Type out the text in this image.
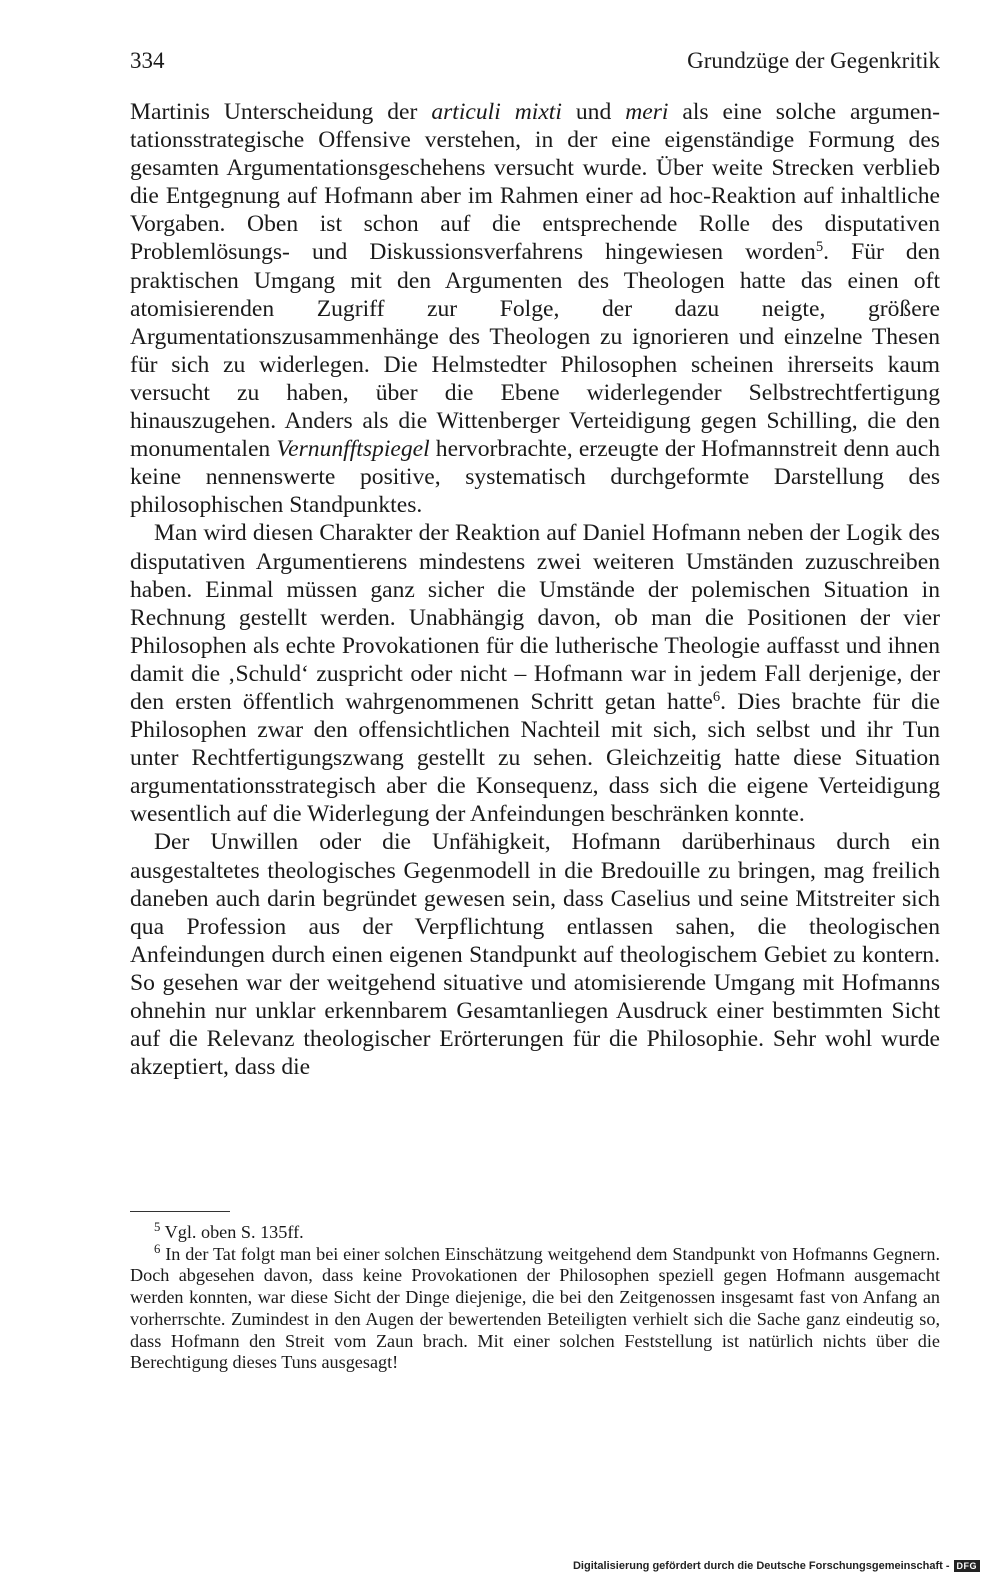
334	Grundzüge der Gegenkritik

Martinis Unterscheidung der articuli mixti und meri als eine solche argumentationsstrategische Offensive verstehen, in der eine eigenständige Formung des gesamten Argumentationsgeschehens versucht wurde. Über weite Strecken verblieb die Entgegnung auf Hofmann aber im Rahmen einer ad hoc-Reaktion auf inhaltliche Vorgaben. Oben ist schon auf die entsprechende Rolle des disputativen Problemlösungs- und Diskussionsverfahrens hingewiesen worden$^5$. Für den praktischen Umgang mit den Argumenten des Theologen hatte das einen oft atomisierenden Zugriff zur Folge, der dazu neigte, größere Argumentationszusammenhänge des Theologen zu ignorieren und einzelne Thesen für sich zu widerlegen. Die Helmstedter Philosophen scheinen ihrerseits kaum versucht zu haben, über die Ebene widerlegender Selbstrechtfertigung hinauszugehen. Anders als die Wittenberger Verteidigung gegen Schilling, die den monumentalen Vernunfftspiegel hervorbrachte, erzeugte der Hofmannstreit denn auch keine nennenswerte positive, systematisch durchgeformte Darstellung des philosophischen Standpunktes.

Man wird diesen Charakter der Reaktion auf Daniel Hofmann neben der Logik des disputativen Argumentierens mindestens zwei weiteren Umständen zuzuschreiben haben. Einmal müssen ganz sicher die Umstände der polemischen Situation in Rechnung gestellt werden. Unabhängig davon, ob man die Positionen der vier Philosophen als echte Provokationen für die lutherische Theologie auffasst und ihnen damit die ‚Schuld‘ zuspricht oder nicht – Hofmann war in jedem Fall derjenige, der den ersten öffentlich wahrgenommenen Schritt getan hatte$^6$. Dies brachte für die Philosophen zwar den offensichtlichen Nachteil mit sich, sich selbst und ihr Tun unter Rechtfertigungszwang gestellt zu sehen. Gleichzeitig hatte diese Situation argumentationsstrategisch aber die Konsequenz, dass sich die eigene Verteidigung wesentlich auf die Widerlegung der Anfeindungen beschränken konnte.

Der Unwillen oder die Unfähigkeit, Hofmann darüberhinaus durch ein ausgestaltetes theologisches Gegenmodell in die Bredouille zu bringen, mag freilich daneben auch darin begründet gewesen sein, dass Caselius und seine Mitstreiter sich qua Profession aus der Verpflichtung entlassen sahen, die theologischen Anfeindungen durch einen eigenen Standpunkt auf theologischem Gebiet zu kontern. So gesehen war der weitgehend situative und atomisierende Umgang mit Hofmanns ohnehin nur unklar erkennbarem Gesamtanliegen Ausdruck einer bestimmten Sicht auf die Relevanz theologischer Erörterungen für die Philosophie. Sehr wohl wurde akzeptiert, dass die

$^5$ Vgl. oben S. 135ff.

$^6$ In der Tat folgt man bei einer solchen Einschätzung weitgehend dem Standpunkt von Hofmanns Gegnern. Doch abgesehen davon, dass keine Provokationen der Philosophen speziell gegen Hofmann ausgemacht werden konnten, war diese Sicht der Dinge diejenige, die bei den Zeitgenossen insgesamt fast von Anfang an vorherrschte. Zumindest in den Augen der bewertenden Beteiligten verhielt sich die Sache ganz eindeutig so, dass Hofmann den Streit vom Zaun brach. Mit einer solchen Feststellung ist natürlich nichts über die Berechtigung dieses Tuns ausgesagt!

Digitalisierung gefördert durch die Deutsche Forschungsgemeinschaft - DFG
